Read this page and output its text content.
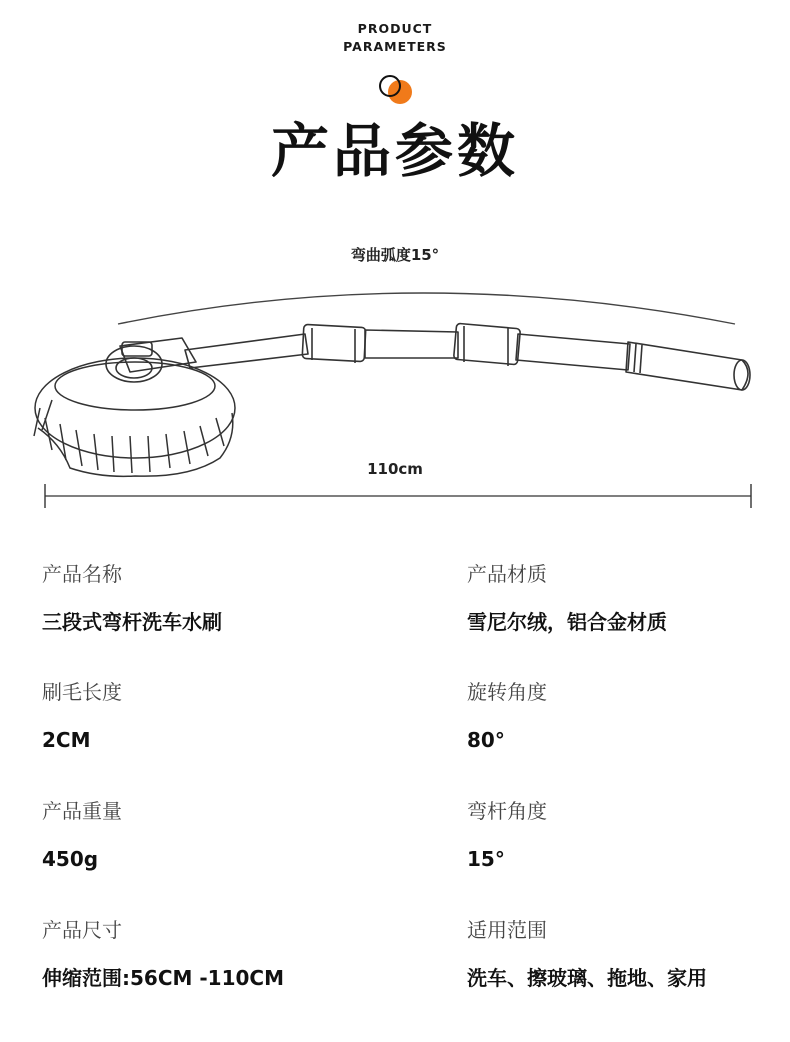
PRODUCT
PARAMETERS
产品参数
弯曲弧度15°
110cm
产品名称
三段式弯杆洗车水刷
产品材质
雪尼尔绒，铝合金材质
刷毛长度
2CM
旋转角度
80°
产品重量
450g
弯杆角度
15°
产品尺寸
伸缩范围:56CM -110CM
适用范围
洗车、擦玻璃、拖地、家用
